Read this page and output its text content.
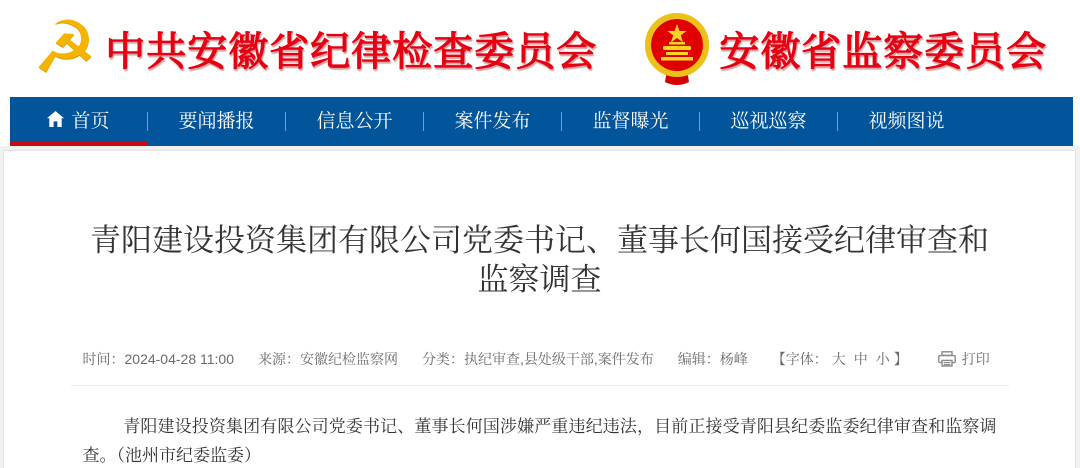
☭ 中共安徽省纪律检查委员会	安徽省监察委员会
首页	要闻播报	信息公开	案件发布	监督曝光	巡视巡察	视频图说
青阳建设投资集团有限公司党委书记、董事长何国接受纪律审查和监察调查
时间：2024-04-28 11:00 来源：安徽纪检监察网 分类：执纪审查,县处级干部,案件发布 编辑：杨峰 【字体： 大 中 小 】	打印

青阳建设投资集团有限公司党委书记、董事长何国涉嫌严重违纪违法，目前正接受青阳县纪委监委纪律审查和监察调查。（池州市纪委监委）
